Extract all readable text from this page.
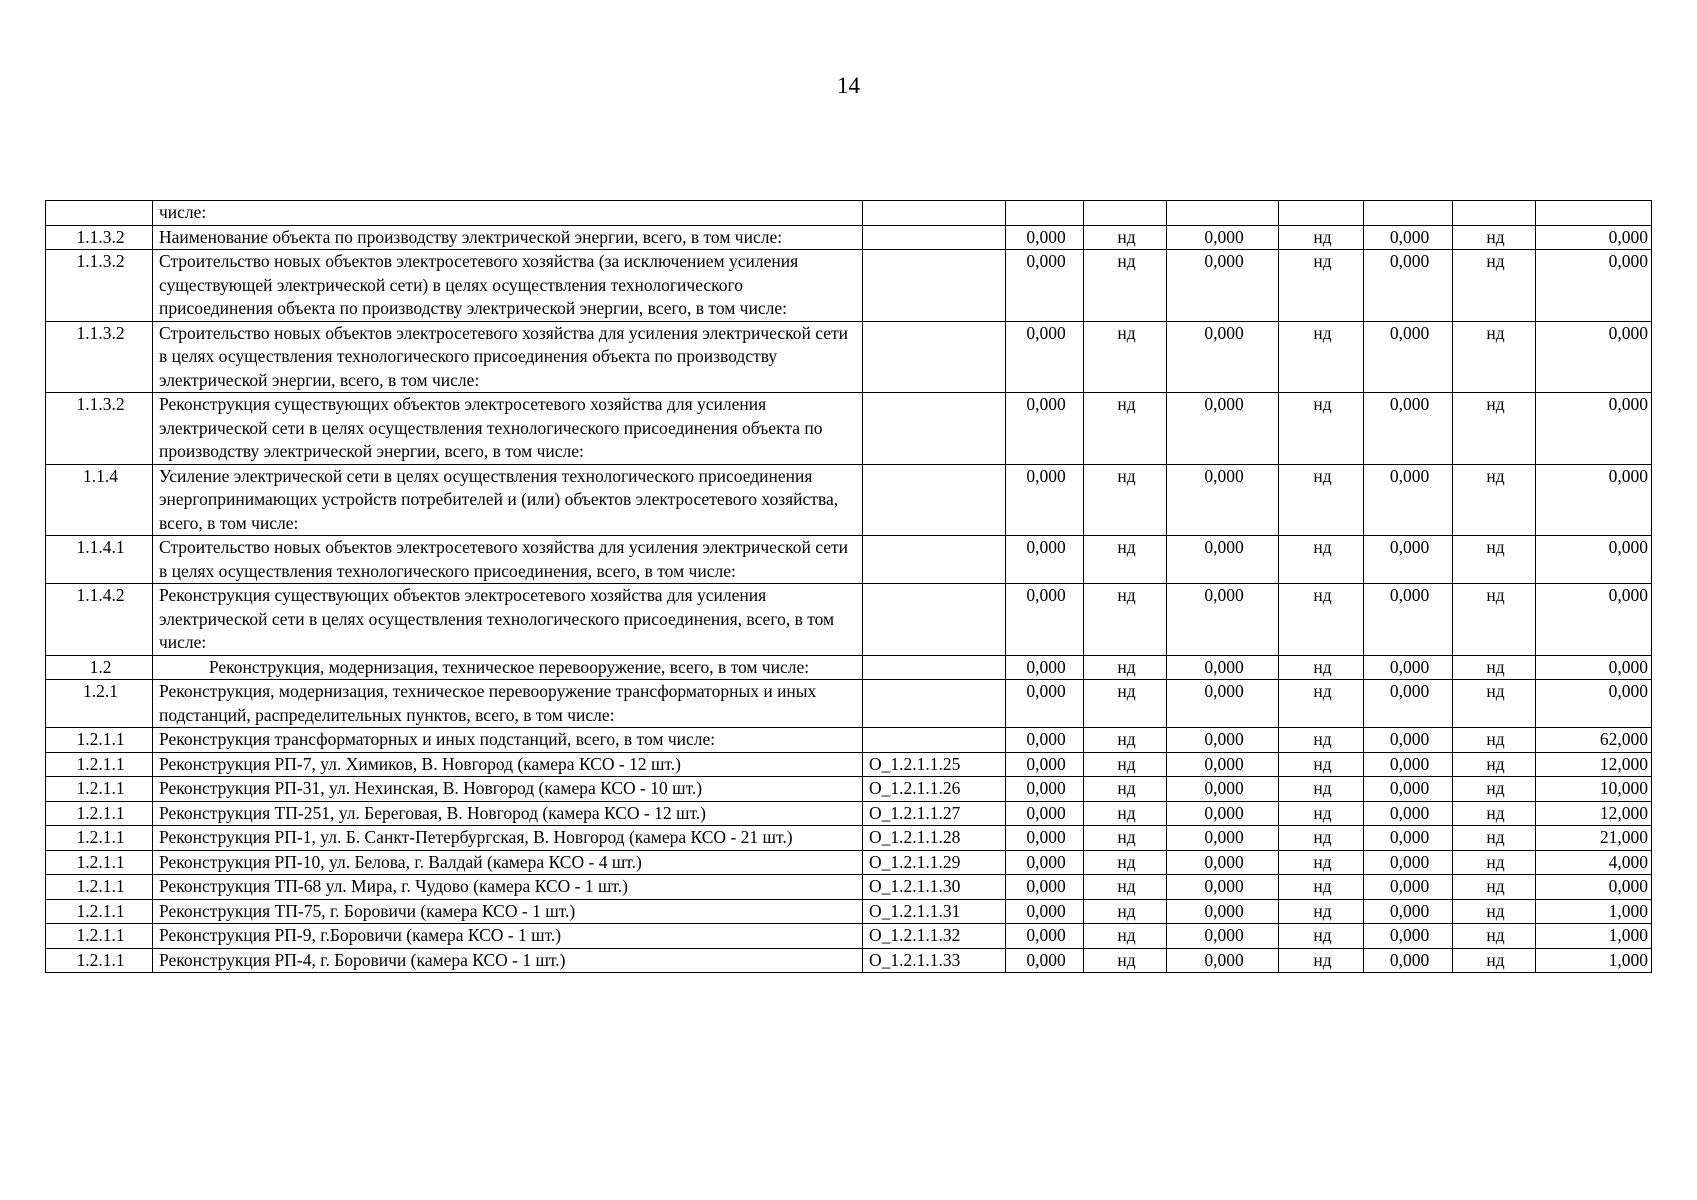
14
	числе:								
1.1.3.2	Наименование объекта по производству электрической энергии, всего, в том числе:		0,000	нд	0,000	нд	0,000	нд	0,000
1.1.3.2	Строительство новых объектов электросетевого хозяйства (за исключением усиления существующей электрической сети) в целях осуществления технологического присоединения объекта по производству электрической энергии, всего, в том числе:		0,000	нд	0,000	нд	0,000	нд	0,000
1.1.3.2	Строительство новых объектов электросетевого хозяйства для усиления электрической сети в целях осуществления технологического присоединения объекта по производству электрической энергии, всего, в том числе:		0,000	нд	0,000	нд	0,000	нд	0,000
1.1.3.2	Реконструкция существующих объектов электросетевого хозяйства для усиления электрической сети в целях осуществления технологического присоединения объекта по производству электрической энергии, всего, в том числе:		0,000	нд	0,000	нд	0,000	нд	0,000
1.1.4	Усиление электрической сети в целях осуществления технологического присоединения энергопринимающих устройств потребителей и (или) объектов электросетевого хозяйства, всего, в том числе:		0,000	нд	0,000	нд	0,000	нд	0,000
1.1.4.1	Строительство новых объектов электросетевого хозяйства для усиления электрической сети в целях осуществления технологического присоединения, всего, в том числе:		0,000	нд	0,000	нд	0,000	нд	0,000
1.1.4.2	Реконструкция существующих объектов электросетевого хозяйства для усиления электрической сети в целях осуществления технологического присоединения, всего, в том числе:		0,000	нд	0,000	нд	0,000	нд	0,000
1.2	Реконструкция, модернизация, техническое перевооружение, всего, в том числе:		0,000	нд	0,000	нд	0,000	нд	0,000
1.2.1	Реконструкция, модернизация, техническое перевооружение трансформаторных и иных подстанций, распределительных пунктов, всего, в том числе:		0,000	нд	0,000	нд	0,000	нд	0,000
1.2.1.1	Реконструкция трансформаторных и иных подстанций, всего, в том числе:		0,000	нд	0,000	нд	0,000	нд	62,000
1.2.1.1	Реконструкция РП-7, ул. Химиков, В. Новгород (камера КСО - 12 шт.)	О_1.2.1.1.25	0,000	нд	0,000	нд	0,000	нд	12,000
1.2.1.1	Реконструкция РП-31, ул. Нехинская, В. Новгород (камера КСО - 10 шт.)	О_1.2.1.1.26	0,000	нд	0,000	нд	0,000	нд	10,000
1.2.1.1	Реконструкция ТП-251, ул. Береговая, В. Новгород (камера КСО - 12 шт.)	О_1.2.1.1.27	0,000	нд	0,000	нд	0,000	нд	12,000
1.2.1.1	Реконструкция РП-1, ул. Б. Санкт-Петербургская, В. Новгород (камера КСО - 21 шт.)	О_1.2.1.1.28	0,000	нд	0,000	нд	0,000	нд	21,000
1.2.1.1	Реконструкция РП-10, ул. Белова, г. Валдай (камера КСО - 4 шт.)	О_1.2.1.1.29	0,000	нд	0,000	нд	0,000	нд	4,000
1.2.1.1	Реконструкция ТП-68 ул. Мира, г. Чудово (камера КСО - 1 шт.)	О_1.2.1.1.30	0,000	нд	0,000	нд	0,000	нд	0,000
1.2.1.1	Реконструкция ТП-75, г. Боровичи (камера КСО - 1 шт.)	О_1.2.1.1.31	0,000	нд	0,000	нд	0,000	нд	1,000
1.2.1.1	Реконструкция РП-9, г.Боровичи (камера КСО - 1 шт.)	О_1.2.1.1.32	0,000	нд	0,000	нд	0,000	нд	1,000
1.2.1.1	Реконструкция РП-4, г. Боровичи (камера КСО - 1 шт.)	О_1.2.1.1.33	0,000	нд	0,000	нд	0,000	нд	1,000
